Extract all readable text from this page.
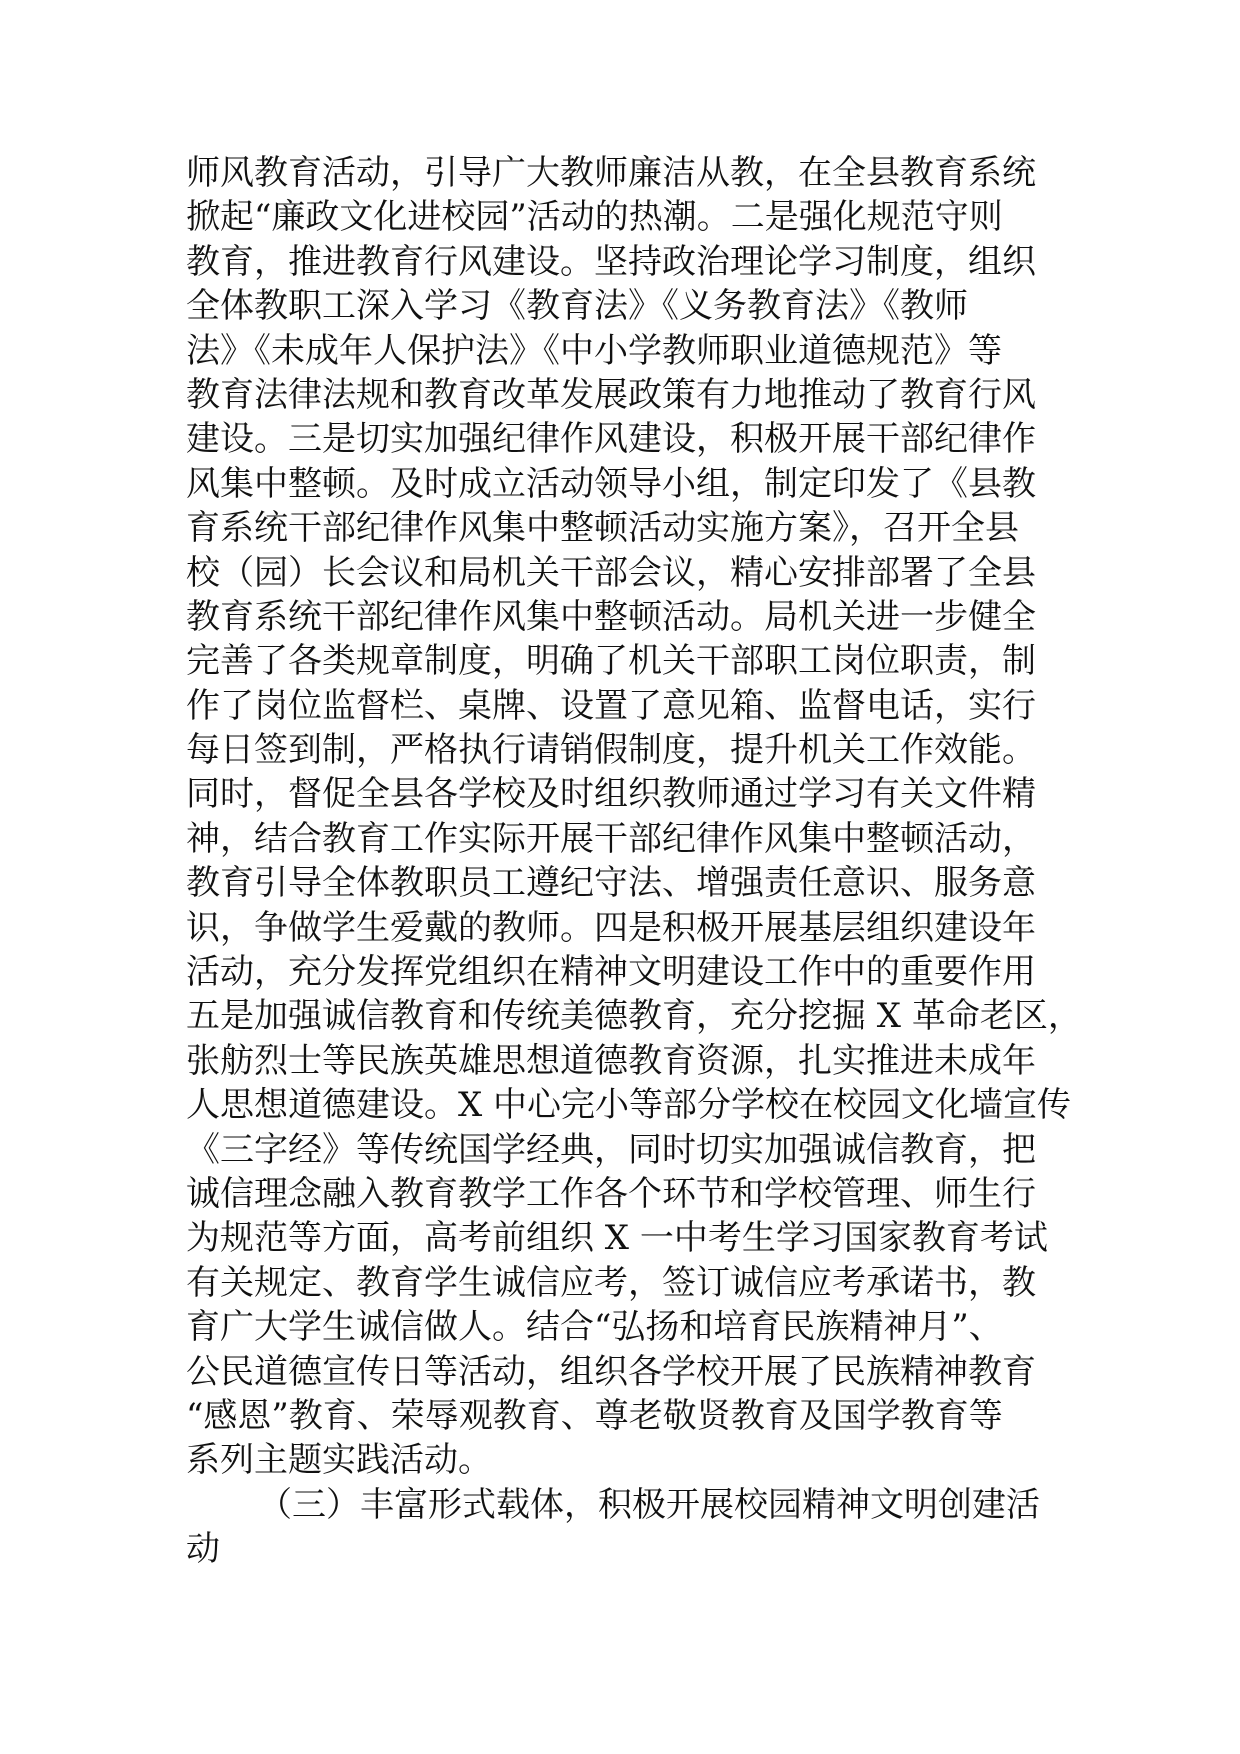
师风教育活动，引导广大教师廉洁从教，在全县教育系统
掀起“廉政文化进校园”活动的热潮。二是强化规范守则
教育，推进教育行风建设。坚持政治理论学习制度，组织
全体教职工深入学习《教育法》《义务教育法》《教师
法》《未成年人保护法》《中小学教师职业道德规范》等
教育法律法规和教育改革发展政策有力地推动了教育行风
建设。三是切实加强纪律作风建设，积极开展干部纪律作
风集中整顿。及时成立活动领导小组，制定印发了《县教
育系统干部纪律作风集中整顿活动实施方案》，召开全县
校（园）长会议和局机关干部会议，精心安排部署了全县
教育系统干部纪律作风集中整顿活动。局机关进一步健全
完善了各类规章制度，明确了机关干部职工岗位职责，制
作了岗位监督栏、桌牌、设置了意见箱、监督电话，实行
每日签到制，严格执行请销假制度，提升机关工作效能。
同时，督促全县各学校及时组织教师通过学习有关文件精
神，结合教育工作实际开展干部纪律作风集中整顿活动，
教育引导全体教职员工遵纪守法、增强责任意识、服务意
识，争做学生爱戴的教师。四是积极开展基层组织建设年
活动，充分发挥党组织在精神文明建设工作中的重要作用
五是加强诚信教育和传统美德教育，充分挖掘 X 革命老区，
张舫烈士等民族英雄思想道德教育资源，扎实推进未成年
人思想道德建设。X 中心完小等部分学校在校园文化墙宣传
《三字经》等传统国学经典，同时切实加强诚信教育，把
诚信理念融入教育教学工作各个环节和学校管理、师生行
为规范等方面，高考前组织 X 一中考生学习国家教育考试
有关规定、教育学生诚信应考，签订诚信应考承诺书，教
育广大学生诚信做人。结合“弘扬和培育民族精神月”、
公民道德宣传日等活动，组织各学校开展了民族精神教育
“感恩”教育、荣辱观教育、尊老敬贤教育及国学教育等
系列主题实践活动。
（三）丰富形式载体，积极开展校园精神文明创建活
动
